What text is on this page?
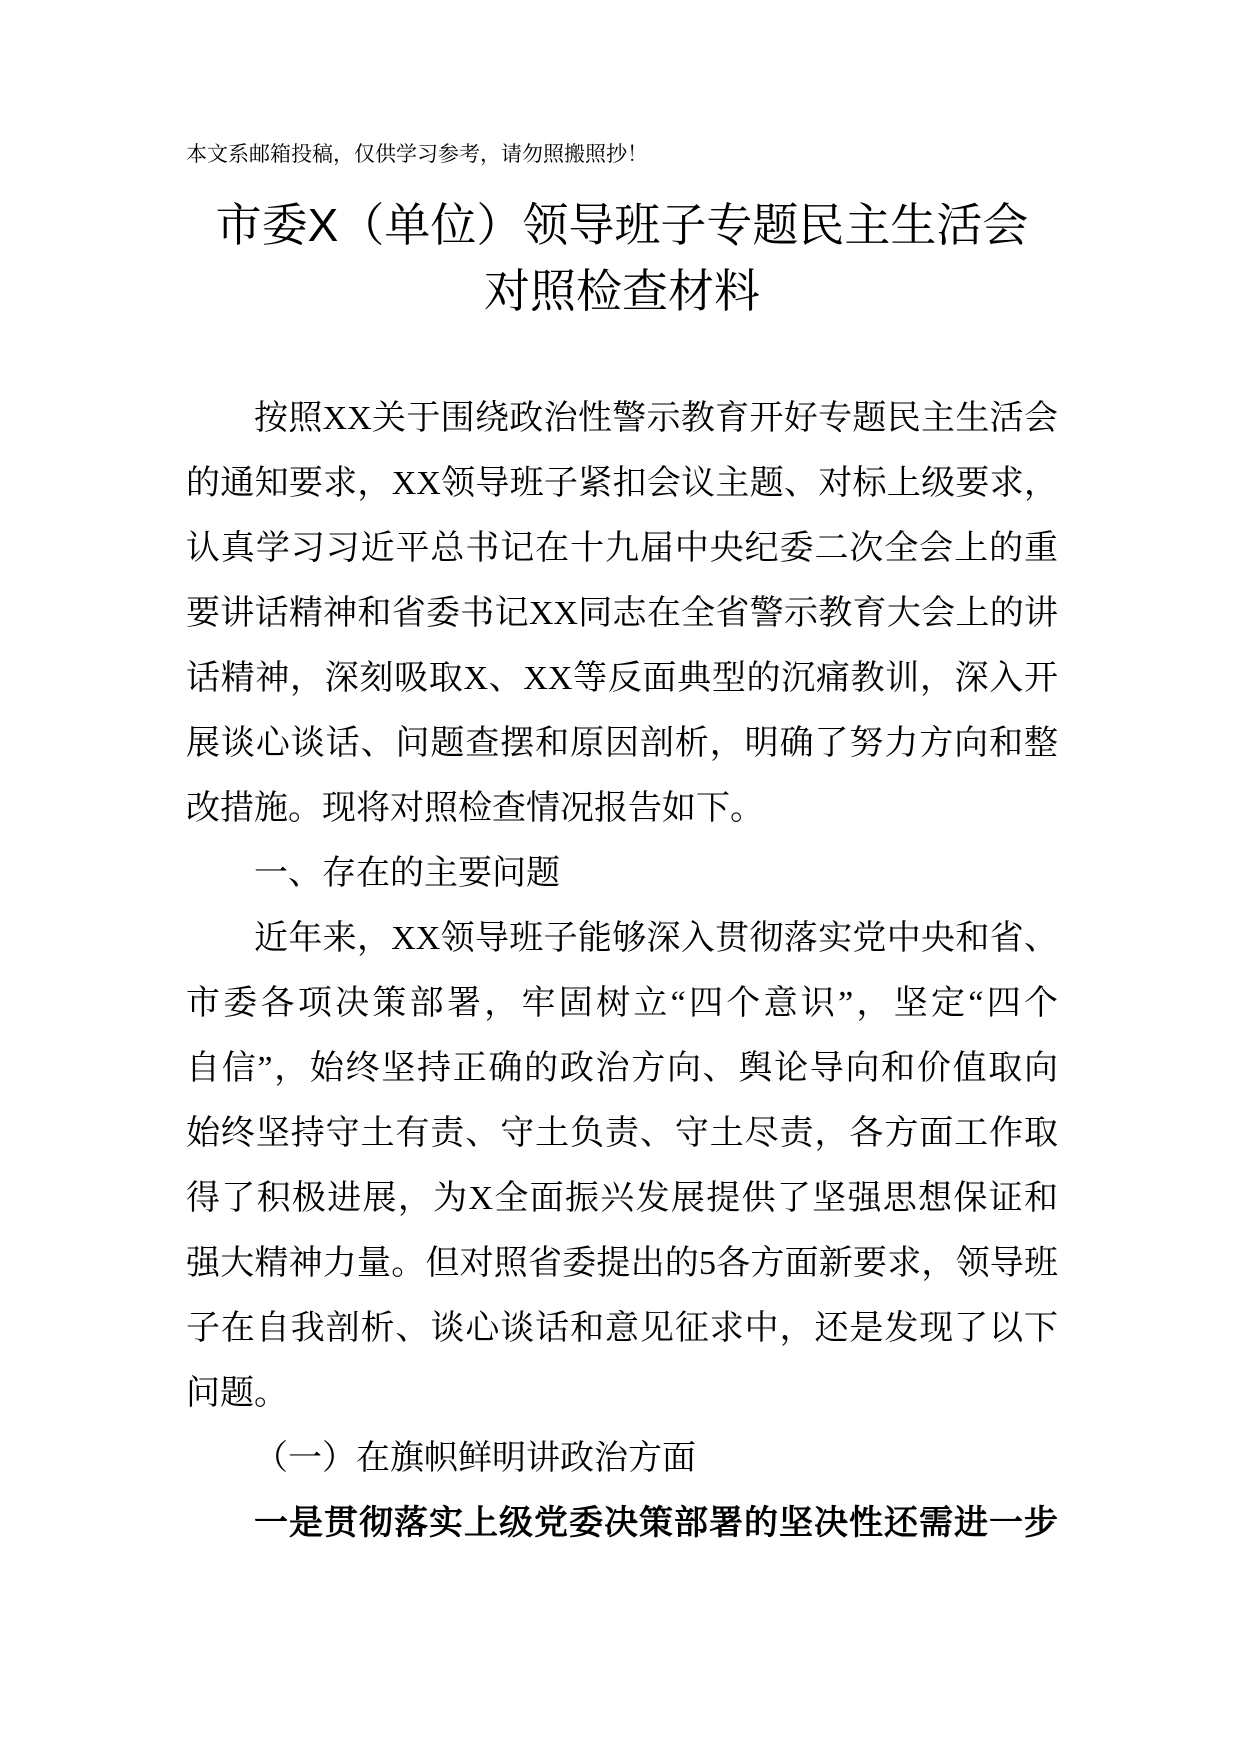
本文系邮箱投稿，仅供学习参考，请勿照搬照抄！
市委X（单位）领导班子专题民主生活会
对照检查材料
按照XX关于围绕政治性警示教育开好专题民主生活会
的通知要求，XX领导班子紧扣会议主题、对标上级要求，
认真学习习近平总书记在十九届中央纪委二次全会上的重
要讲话精神和省委书记XX同志在全省警示教育大会上的讲
话精神，深刻吸取X、XX等反面典型的沉痛教训，深入开
展谈心谈话、问题查摆和原因剖析，明确了努力方向和整
改措施。现将对照检查情况报告如下。
一、存在的主要问题
近年来，XX领导班子能够深入贯彻落实党中央和省、
市委各项决策部署，牢固树立“四个意识”，坚定“四个
自信”，始终坚持正确的政治方向、舆论导向和价值取向
始终坚持守土有责、守土负责、守土尽责，各方面工作取
得了积极进展，为X全面振兴发展提供了坚强思想保证和
强大精神力量。但对照省委提出的5各方面新要求，领导班
子在自我剖析、谈心谈话和意见征求中，还是发现了以下
问题。
（一）在旗帜鲜明讲政治方面
一是贯彻落实上级党委决策部署的坚决性还需进一步
